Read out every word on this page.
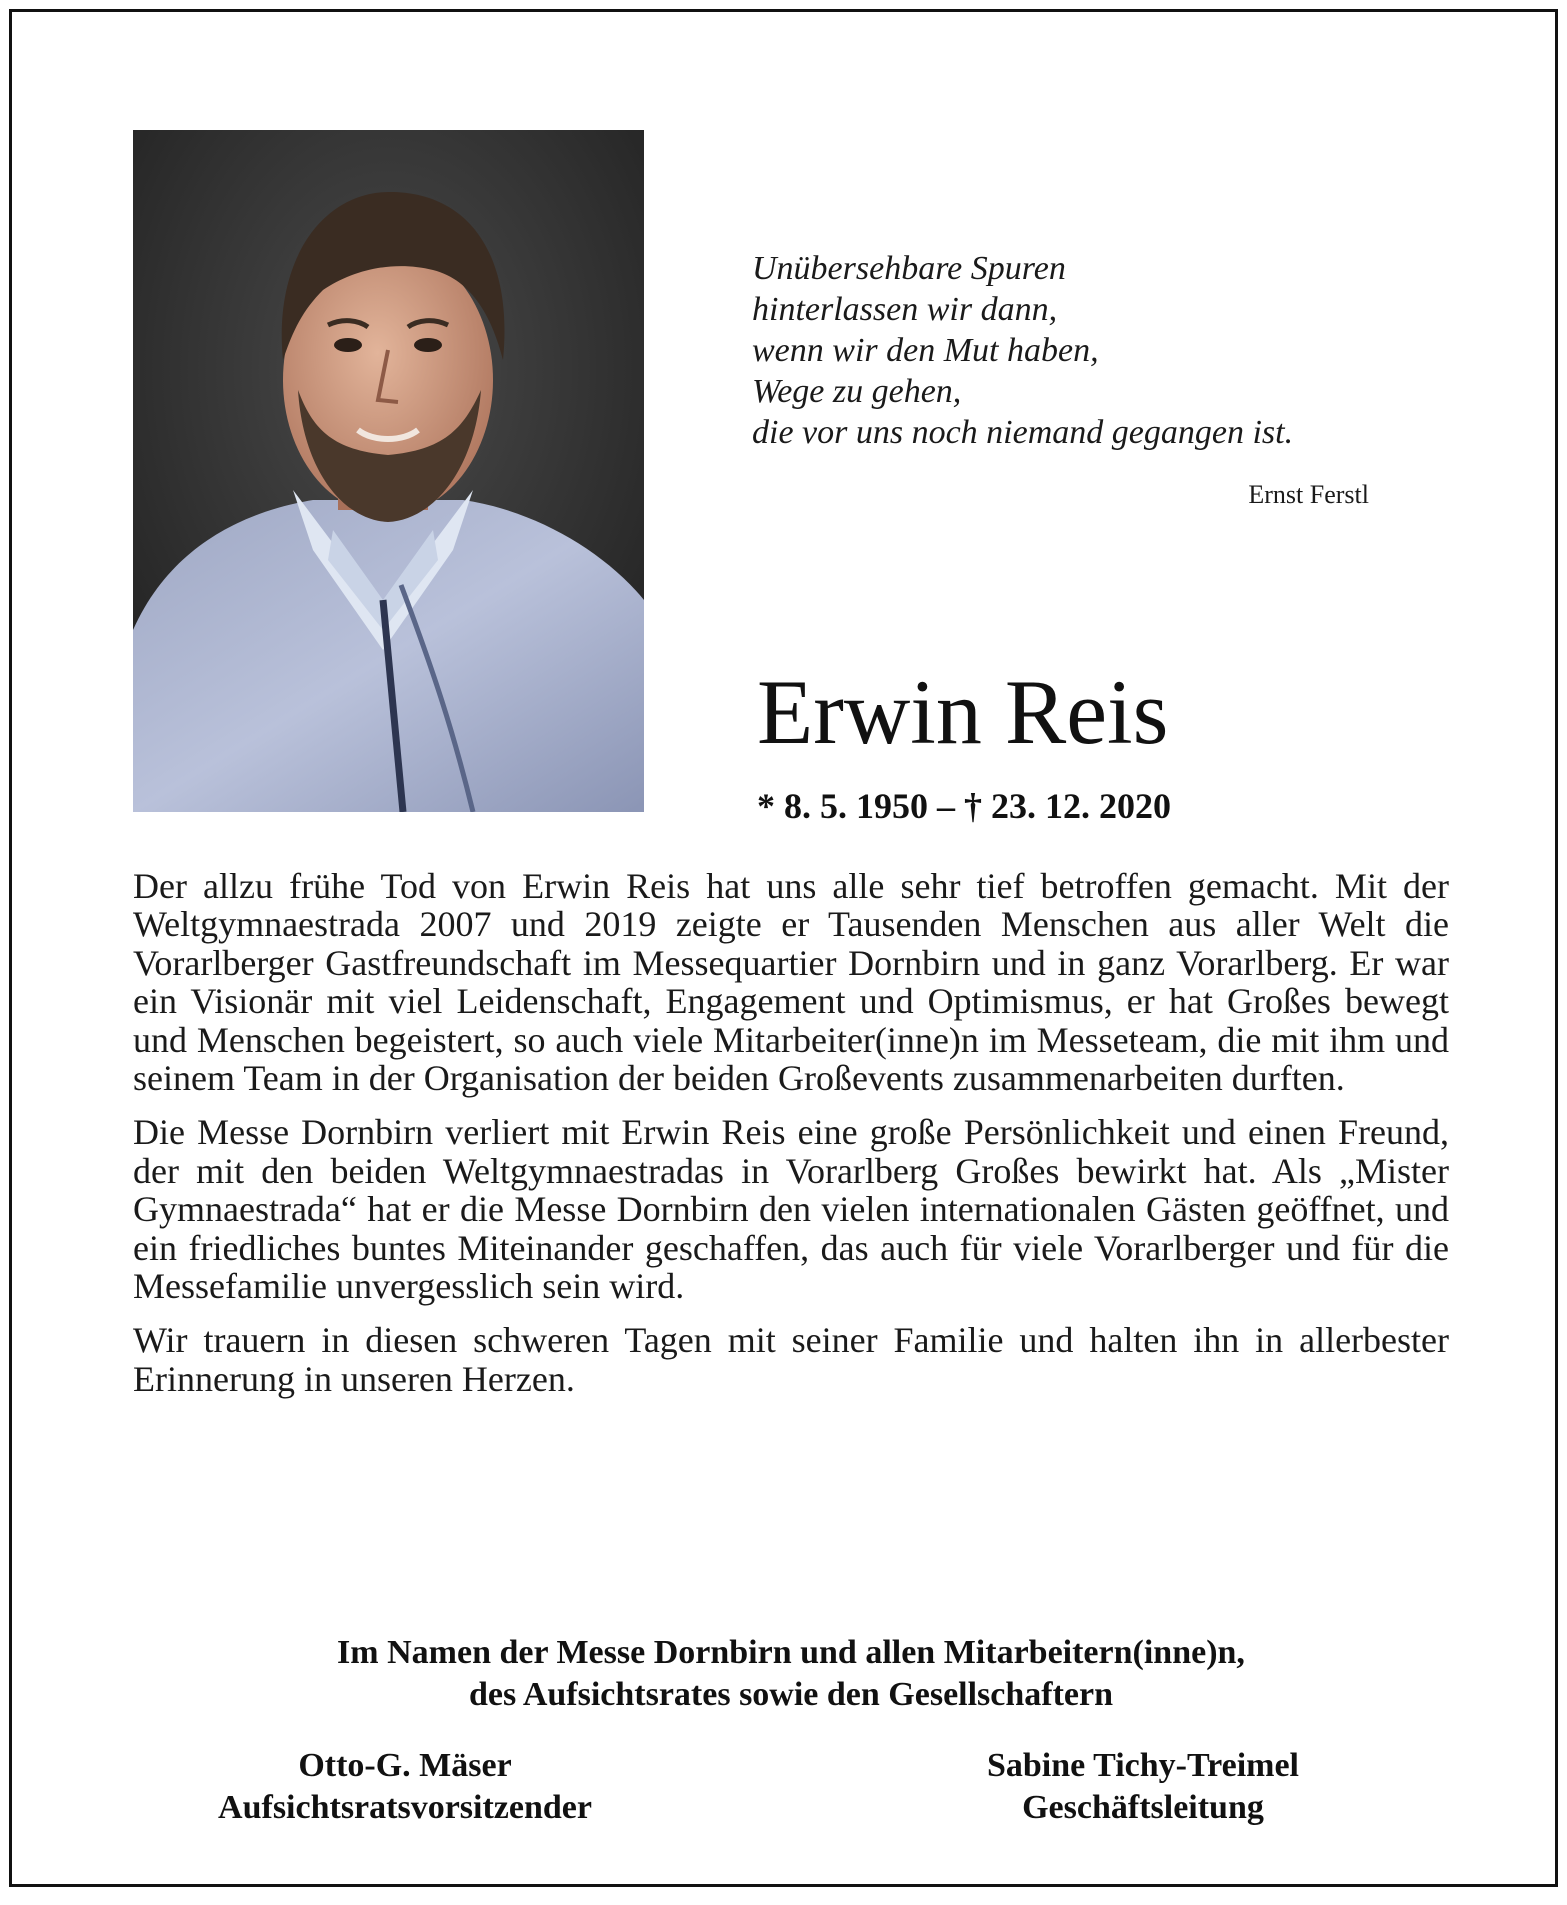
Unübersehbare Spuren
hinterlassen wir dann,
wenn wir den Mut haben,
Wege zu gehen,
die vor uns noch niemand gegangen ist.
Ernst Ferstl
Erwin Reis
* 8. 5. 1950 – † 23. 12. 2020

Der allzu frühe Tod von Erwin Reis hat uns alle sehr tief betroffen gemacht. Mit der Weltgymnaestrada 2007 und 2019 zeigte er Tausenden Menschen aus aller Welt die Vorarlberger Gastfreundschaft im Messequartier Dornbirn und in ganz Vorarlberg. Er war ein Visionär mit viel Leidenschaft, Engagement und Optimismus, er hat Großes bewegt und Menschen begeistert, so auch viele Mitarbeiter(inne)n im Messeteam, die mit ihm und seinem Team in der Organisation der beiden Großevents zusammenarbeiten durften.

Die Messe Dornbirn verliert mit Erwin Reis eine große Persönlichkeit und einen Freund, der mit den beiden Weltgymnaestradas in Vorarlberg Großes bewirkt hat. Als „Mister Gymnaestrada“ hat er die Messe Dornbirn den vielen internationalen Gästen geöffnet, und ein friedliches buntes Miteinander geschaffen, das auch für viele Vorarlberger und für die Messefamilie unvergesslich sein wird.

Wir trauern in diesen schweren Tagen mit seiner Familie und halten ihn in allerbester Erinnerung in unseren Herzen.

Im Namen der Messe Dornbirn und allen Mitarbeitern(inne)n,
des Aufsichtsrates sowie den Gesellschaftern
Otto-G. Mäser
Aufsichtsratsvorsitzender
Sabine Tichy-Treimel
Geschäftsleitung
